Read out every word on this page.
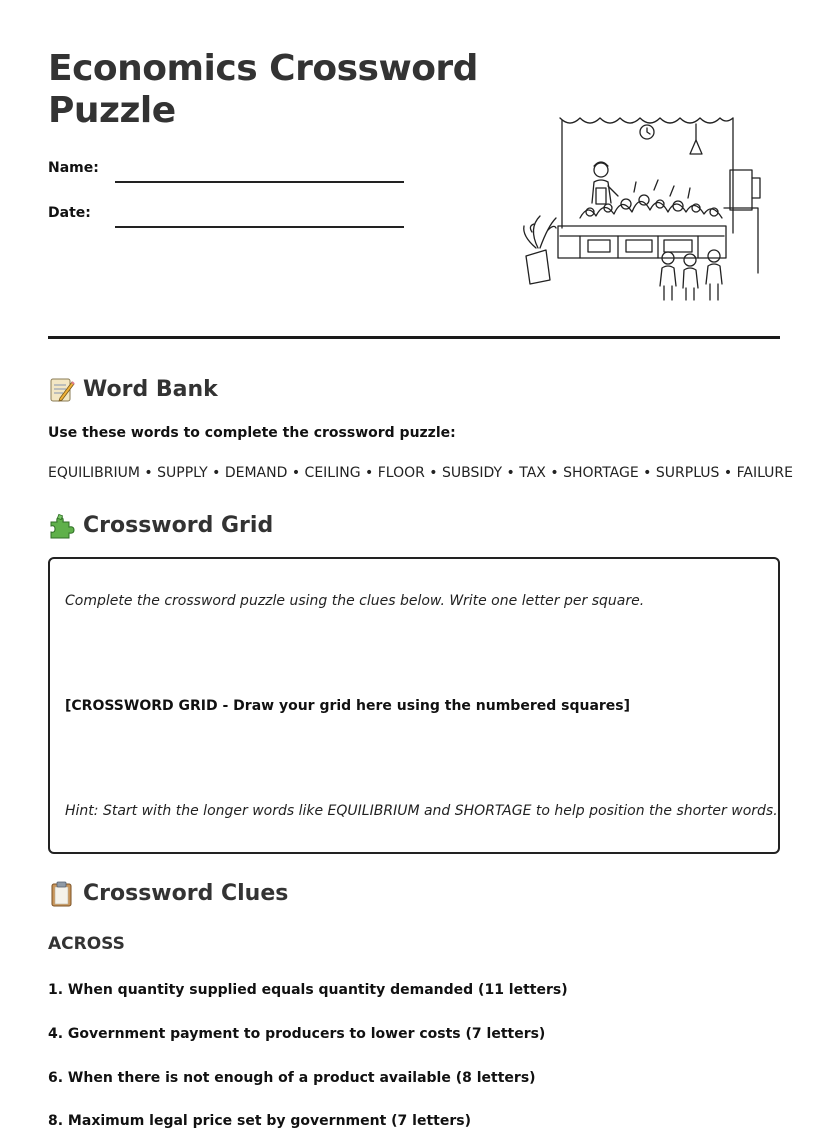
Economics Crossword Puzzle
Name:
Date:
Word Bank
Use these words to complete the crossword puzzle:
EQUILIBRIUM • SUPPLY • DEMAND • CEILING • FLOOR • SUBSIDY • TAX • SHORTAGE • SURPLUS • FAILURE
Crossword Grid
Complete the crossword puzzle using the clues below. Write one letter per square.
[CROSSWORD GRID - Draw your grid here using the numbered squares]
Hint: Start with the longer words like EQUILIBRIUM and SHORTAGE to help position the shorter words.
Crossword Clues
ACROSS
1. When quantity supplied equals quantity demanded (11 letters)
4. Government payment to producers to lower costs (7 letters)
6. When there is not enough of a product available (8 letters)
8. Maximum legal price set by government (7 letters)
